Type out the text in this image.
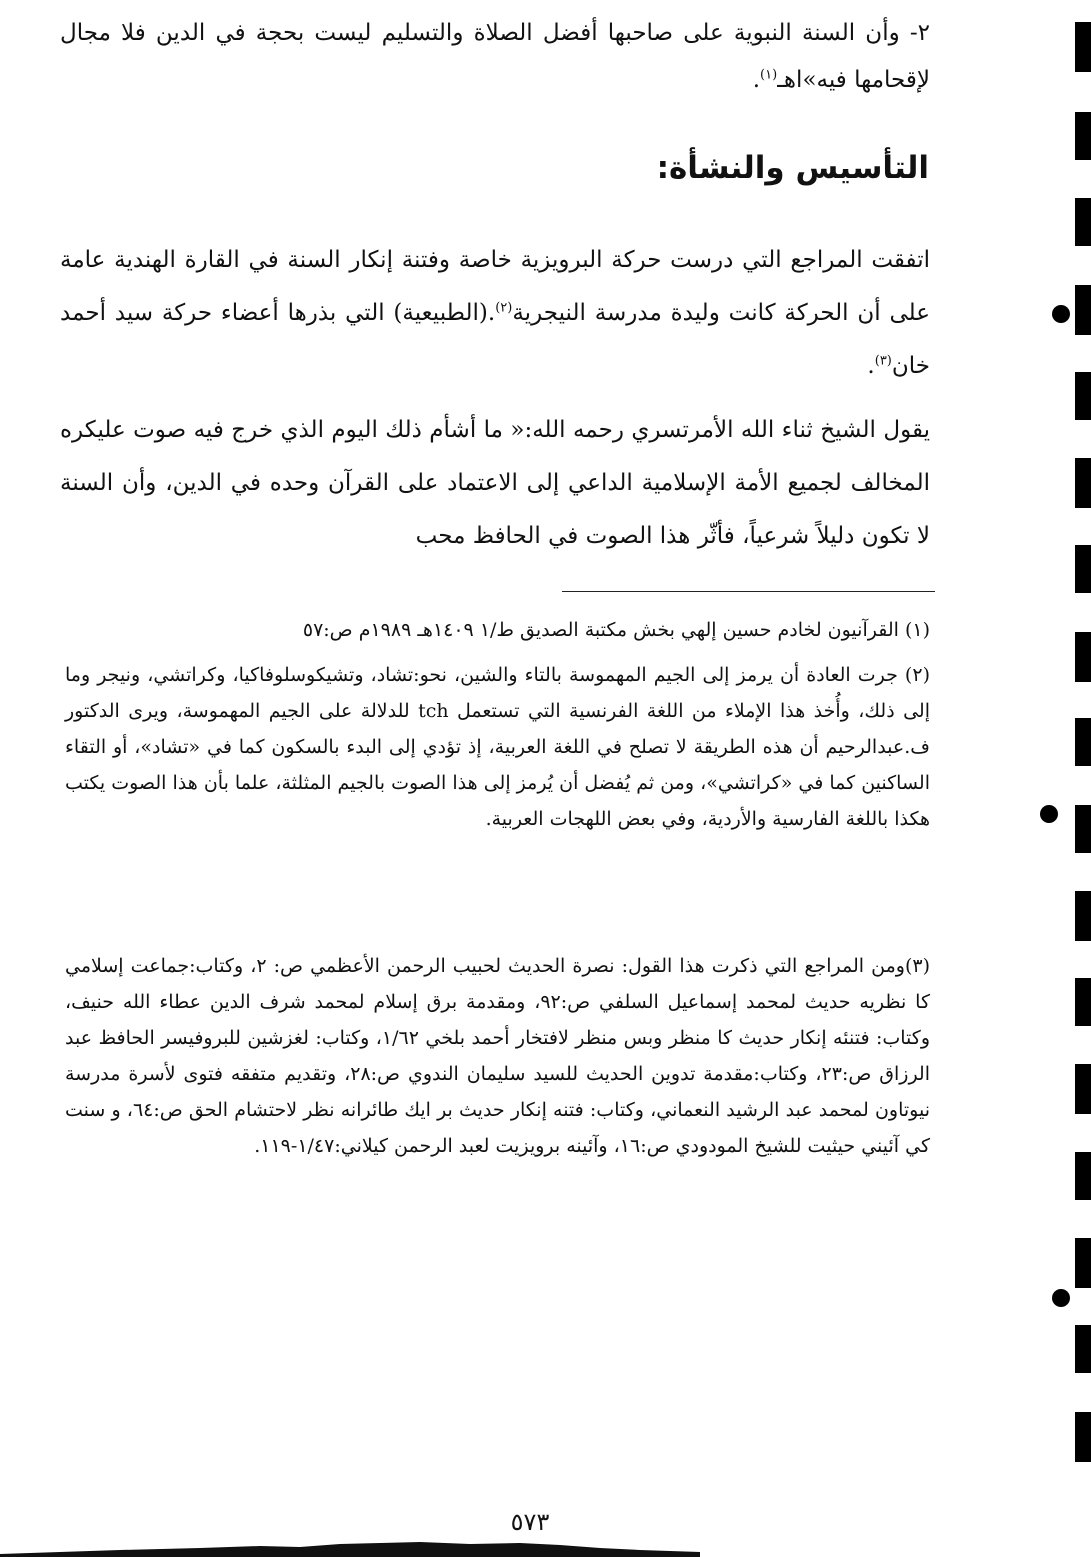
٢- وأن السنة النبوية على صاحبها أفضل الصلاة والتسليم ليست بحجة في الدين فلا مجال لإقحامها فيه»اهـ$^{(١)}$.
التأسيس والنشأة:
اتفقت المراجع التي درست حركة البرويزية خاصة وفتنة إنكار السنة في القارة الهندية عامة على أن الحركة كانت وليدة مدرسة النيجرية$^{(٢)}$.(الطبيعية) التي بذرها أعضاء حركة سيد أحمد خان$^{(٣)}$.
يقول الشيخ ثناء الله الأمرتسري رحمه الله:« ما أشأم ذلك اليوم الذي خرج فيه صوت عليكره المخالف لجميع الأمة الإسلامية الداعي إلى الاعتماد على القرآن وحده في الدين، وأن السنة لا تكون دليلاً شرعياً، فأثّر هذا الصوت في الحافظ محب
(١) القرآنيون لخادم حسين إلهي بخش مكتبة الصديق ط/١ ١٤٠٩هـ ١٩٨٩م ص:٥٧
(٢) جرت العادة أن يرمز إلى الجيم المهموسة بالتاء والشين، نحو:تشاد، وتشيكوسلوفاكيا، وكراتشي، ونيجر وما إلى ذلك، وأُخذ هذا الإملاء من اللغة الفرنسية التي تستعمل tch للدلالة على الجيم المهموسة، ويرى الدكتور ف.عبدالرحيم أن هذه الطريقة لا تصلح في اللغة العربية، إذ تؤدي إلى البدء بالسكون كما في «تشاد»، أو التقاء الساكنين كما في «كراتشي»، ومن ثم يُفضل أن يُرمز إلى هذا الصوت بالجيم المثلثة، علما بأن هذا الصوت يكتب هكذا باللغة الفارسية والأردية، وفي بعض اللهجات العربية.
(٣)ومن المراجع التي ذكرت هذا القول: نصرة الحديث لحبيب الرحمن الأعظمي ص: ٢، وكتاب:جماعت إسلامي كا نظريه حديث لمحمد إسماعيل السلفي ص:٩٢، ومقدمة برق إسلام لمحمد شرف الدين عطاء الله حنيف، وكتاب: فتنئه إنكار حديث كا منظر وبس منظر لافتخار أحمد بلخي ١/٦٢، وكتاب: لغزشين للبروفيسر الحافظ عبد الرزاق ص:٢٣، وكتاب:مقدمة تدوين الحديث للسيد سليمان الندوي ص:٢٨، وتقديم متفقه فتوى لأسرة مدرسة نيوتاون لمحمد عبد الرشيد النعماني، وكتاب: فتنه إنكار حديث بر ايك طائرانه نظر لاحتشام الحق ص:٦٤، و سنت كي آئيني حيثيت للشيخ المودودي ص:١٦، وآئينه برويزيت لعبد الرحمن كيلاني:١/٤٧-١١٩.
٥٧٣
